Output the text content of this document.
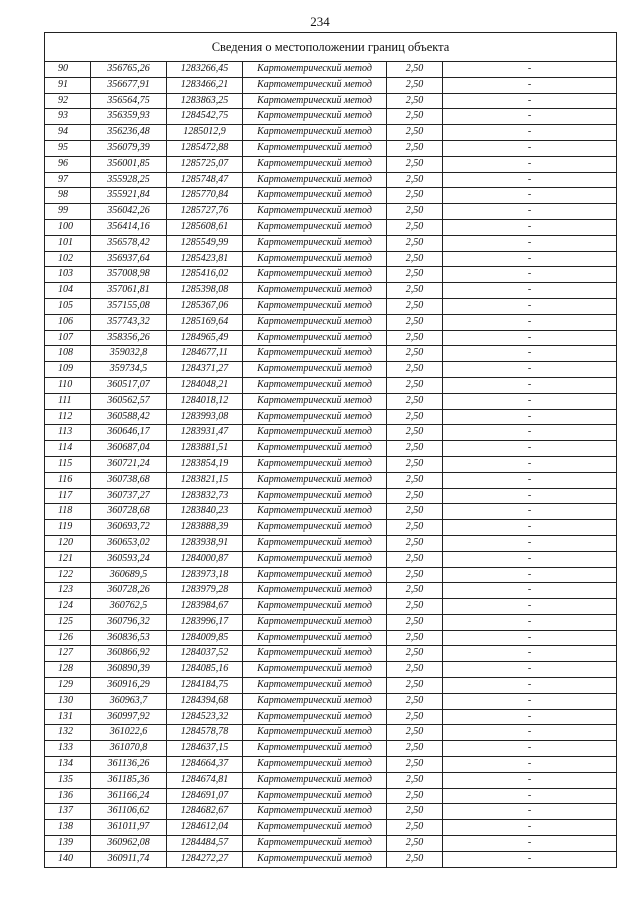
234
Сведения о местоположении границ объекта					
90	356765,26	1283266,45	Картометрический метод	2,50	-
91	356677,91	1283466,21	Картометрический метод	2,50	-
92	356564,75	1283863,25	Картометрический метод	2,50	-
93	356359,93	1284542,75	Картометрический метод	2,50	-
94	356236,48	1285012,9	Картометрический метод	2,50	-
95	356079,39	1285472,88	Картометрический метод	2,50	-
96	356001,85	1285725,07	Картометрический метод	2,50	-
97	355928,25	1285748,47	Картометрический метод	2,50	-
98	355921,84	1285770,84	Картометрический метод	2,50	-
99	356042,26	1285727,76	Картометрический метод	2,50	-
100	356414,16	1285608,61	Картометрический метод	2,50	-
101	356578,42	1285549,99	Картометрический метод	2,50	-
102	356937,64	1285423,81	Картометрический метод	2,50	-
103	357008,98	1285416,02	Картометрический метод	2,50	-
104	357061,81	1285398,08	Картометрический метод	2,50	-
105	357155,08	1285367,06	Картометрический метод	2,50	-
106	357743,32	1285169,64	Картометрический метод	2,50	-
107	358356,26	1284965,49	Картометрический метод	2,50	-
108	359032,8	1284677,11	Картометрический метод	2,50	-
109	359734,5	1284371,27	Картометрический метод	2,50	-
110	360517,07	1284048,21	Картометрический метод	2,50	-
111	360562,57	1284018,12	Картометрический метод	2,50	-
112	360588,42	1283993,08	Картометрический метод	2,50	-
113	360646,17	1283931,47	Картометрический метод	2,50	-
114	360687,04	1283881,51	Картометрический метод	2,50	-
115	360721,24	1283854,19	Картометрический метод	2,50	-
116	360738,68	1283821,15	Картометрический метод	2,50	-
117	360737,27	1283832,73	Картометрический метод	2,50	-
118	360728,68	1283840,23	Картометрический метод	2,50	-
119	360693,72	1283888,39	Картометрический метод	2,50	-
120	360653,02	1283938,91	Картометрический метод	2,50	-
121	360593,24	1284000,87	Картометрический метод	2,50	-
122	360689,5	1283973,18	Картометрический метод	2,50	-
123	360728,26	1283979,28	Картометрический метод	2,50	-
124	360762,5	1283984,67	Картометрический метод	2,50	-
125	360796,32	1283996,17	Картометрический метод	2,50	-
126	360836,53	1284009,85	Картометрический метод	2,50	-
127	360866,92	1284037,52	Картометрический метод	2,50	-
128	360890,39	1284085,16	Картометрический метод	2,50	-
129	360916,29	1284184,75	Картометрический метод	2,50	-
130	360963,7	1284394,68	Картометрический метод	2,50	-
131	360997,92	1284523,32	Картометрический метод	2,50	-
132	361022,6	1284578,78	Картометрический метод	2,50	-
133	361070,8	1284637,15	Картометрический метод	2,50	-
134	361136,26	1284664,37	Картометрический метод	2,50	-
135	361185,36	1284674,81	Картометрический метод	2,50	-
136	361166,24	1284691,07	Картометрический метод	2,50	-
137	361106,62	1284682,67	Картометрический метод	2,50	-
138	361011,97	1284612,04	Картометрический метод	2,50	-
139	360962,08	1284484,57	Картометрический метод	2,50	-
140	360911,74	1284272,27	Картометрический метод	2,50	-
